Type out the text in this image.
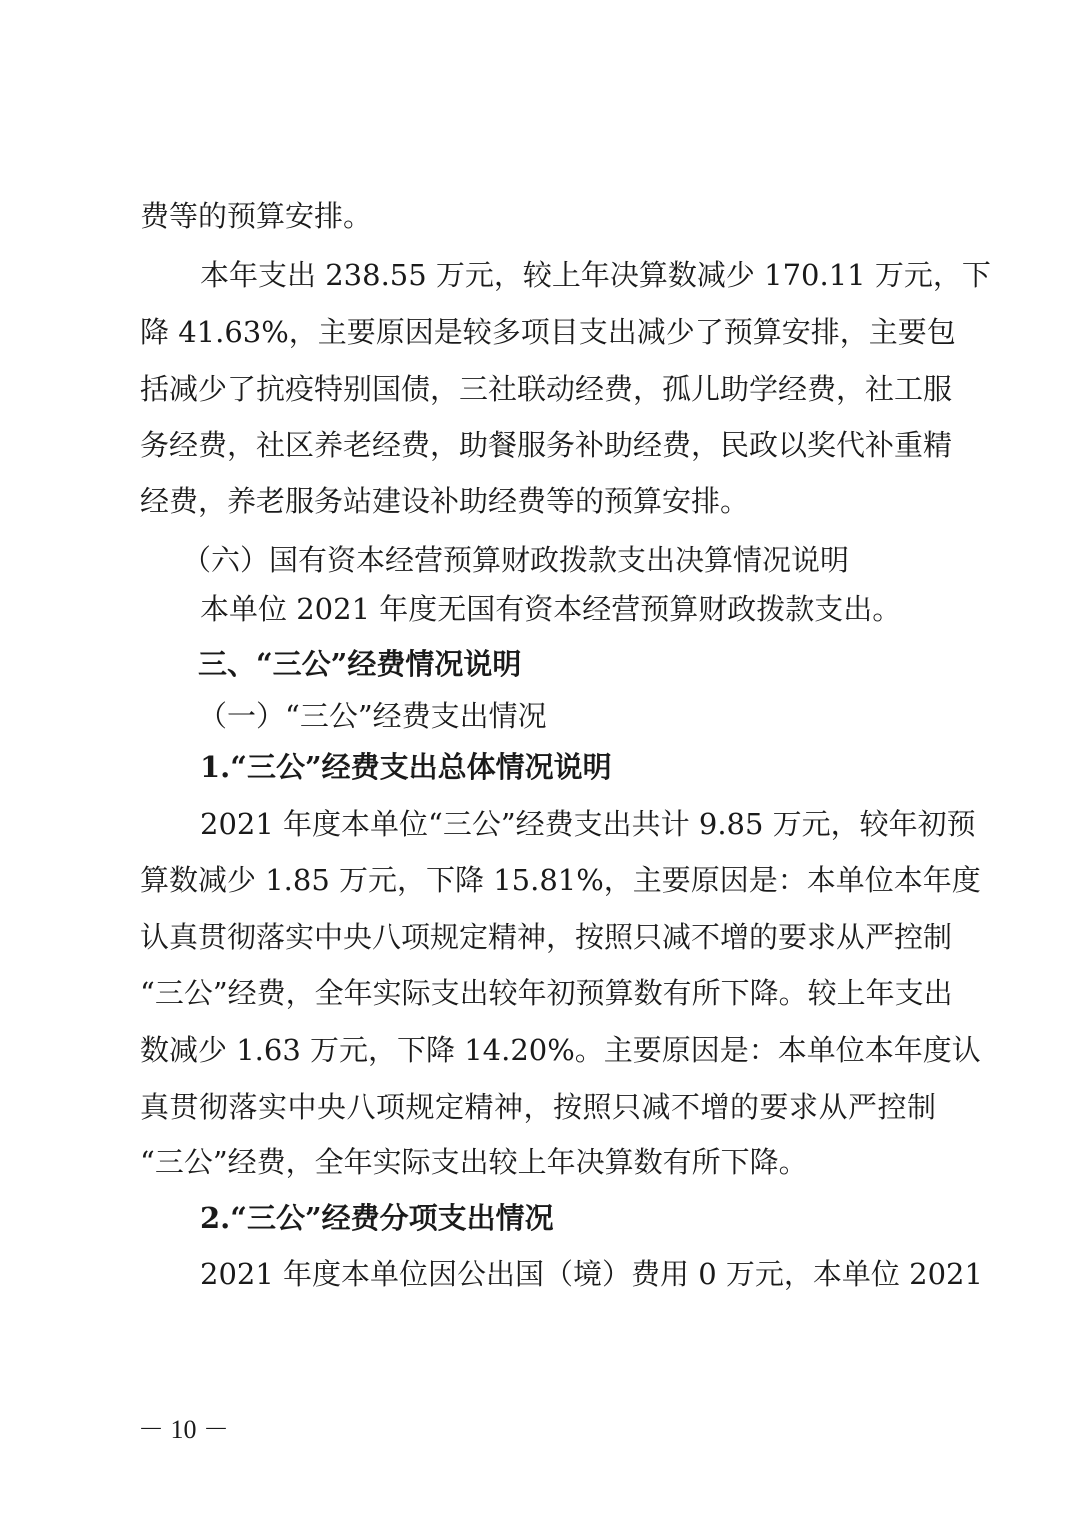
费等的预算安排。
本年支出 238.55 万元，较上年决算数减少 170.11 万元，下
降 41.63%，主要原因是较多项目支出减少了预算安排，主要包
括减少了抗疫特别国债，三社联动经费，孤儿助学经费，社工服
务经费，社区养老经费，助餐服务补助经费，民政以奖代补重精
经费，养老服务站建设补助经费等的预算安排。
（六）国有资本经营预算财政拨款支出决算情况说明
本单位 2021 年度无国有资本经营预算财政拨款支出。
三、“三公”经费情况说明
（一）“三公”经费支出情况
1.“三公”经费支出总体情况说明
2021 年度本单位“三公”经费支出共计 9.85 万元，较年初预
算数减少 1.85 万元，下降 15.81%，主要原因是：本单位本年度
认真贯彻落实中央八项规定精神，按照只减不增的要求从严控制
“三公”经费，全年实际支出较年初预算数有所下降。较上年支出
数减少 1.63 万元，下降 14.20%。主要原因是：本单位本年度认
真贯彻落实中央八项规定精神，按照只减不增的要求从严控制
“三公”经费，全年实际支出较上年决算数有所下降。
2.“三公”经费分项支出情况
2021 年度本单位因公出国（境）费用 0 万元，本单位 2021
－ 10 －
